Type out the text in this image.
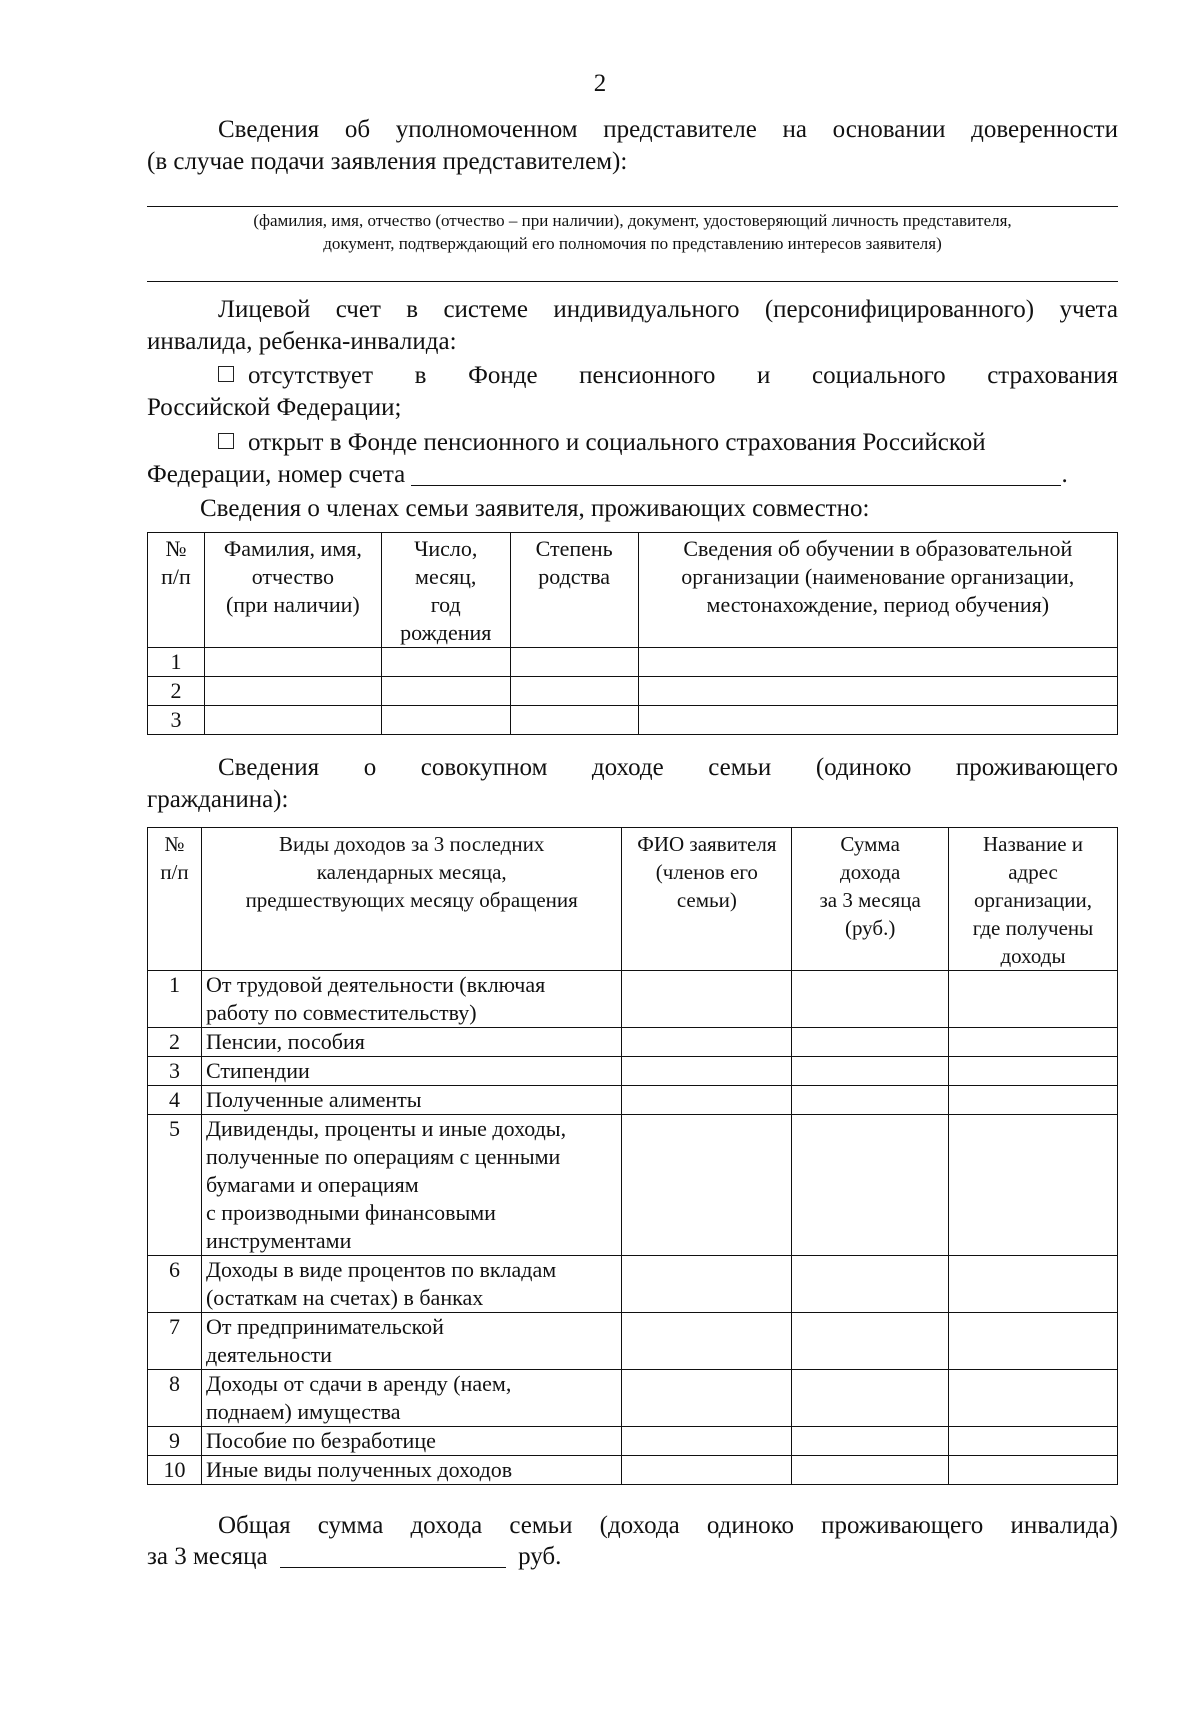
2
Сведения об уполномоченном представителе на основании доверенности
(в случае подачи заявления представителем):
(фамилия, имя, отчество (отчество – при наличии), документ, удостоверяющий личность представителя,
документ, подтверждающий его полномочия по представлению интересов заявителя)
Лицевой счет в системе индивидуального (персонифицированного) учета
инвалида, ребенка-инвалида:
отсутствует в Фонде пенсионного и социального страхования
Российской Федерации;
открыт в Фонде пенсионного и социального страхования Российской
Федерации, номер счета	.
Сведения о членах семьи заявителя, проживающих совместно:
№
п/п	Фамилия, имя,
отчество
(при наличии)	Число,
месяц,
год
рождения	Степень
родства	Сведения об обучении в образовательной
организации (наименование организации,
местонахождение, период обучения)
1				
2				
3				
Сведения о совокупном доходе семьи (одиноко проживающего
гражданина):
№
п/п	Виды доходов за 3 последних
календарных месяца,
предшествующих месяцу обращения	ФИО заявителя
(членов его
семьи)	Сумма
дохода
за 3 месяца
(руб.)	Название и
адрес
организации,
где получены
доходы
1	От трудовой деятельности (включая
работу по совместительству)			

2	Пенсии, пособия			

3	Стипендии			

4	Полученные алименты			

5	Дивиденды, проценты и иные доходы,
полученные по операциям с ценными
бумагами и операциям
с производными финансовыми
инструментами			

6	Доходы в виде процентов по вкладам
(остаткам на счетах) в банках			

7	От предпринимательской
деятельности			

8	Доходы от сдачи в аренду (наем,
поднаем) имущества			

9	Пособие по безработице			

10	Иные виды полученных доходов			

Общая сумма дохода семьи (дохода одиноко проживающего инвалида)
за 3 месяца	руб.
